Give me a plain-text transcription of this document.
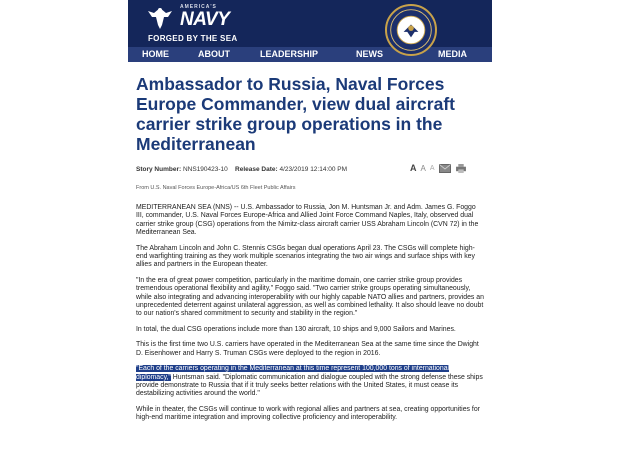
AMERICA'S
NAVY
FORGED BY THE SEA
HOME	ABOUT	LEADERSHIP	NEWS	MEDIA
Ambassador to Russia, Naval Forces Europe Commander, view dual aircraft carrier strike group operations in the Mediterranean
Story Number: NNS190423-10 Release Date: 4/23/2019 12:14:00 PM	A A A
From U.S. Naval Forces Europe-Africa/US 6th Fleet Public Affairs

MEDITERRANEAN SEA (NNS) -- U.S. Ambassador to Russia, Jon M. Huntsman Jr. and Adm. James G. Foggo III, commander, U.S. Naval Forces Europe-Africa and Allied Joint Force Command Naples, Italy, observed dual carrier strike group (CSG) operations from the Nimitz-class aircraft carrier USS Abraham Lincoln (CVN 72) in the Mediterranean Sea.

The Abraham Lincoln and John C. Stennis CSGs began dual operations April 23. The CSGs will complete high-end warfighting training as they work multiple scenarios integrating the two air wings and surface ships with key allies and partners in the European theater.

"In the era of great power competition, particularly in the maritime domain, one carrier strike group provides tremendous operational flexibility and agility," Foggo said. "Two carrier strike groups operating simultaneously, while also integrating and advancing interoperability with our highly capable NATO allies and partners, provides an unprecedented deterrent against unilateral aggression, as well as combined lethality. It also should leave no doubt to our nation's shared commitment to security and stability in the region."

In total, the dual CSG operations include more than 130 aircraft, 10 ships and 9,000 Sailors and Marines.

This is the first time two U.S. carriers have operated in the Mediterranean Sea at the same time since the Dwight D. Eisenhower and Harry S. Truman CSGs were deployed to the region in 2016.

"Each of the carriers operating in the Mediterranean at this time represent 100,000 tons of international diplomacy," Huntsman said. "Diplomatic communication and dialogue coupled with the strong defense these ships provide demonstrate to Russia that if it truly seeks better relations with the United States, it must cease its destabilizing activities around the world."

While in theater, the CSGs will continue to work with regional allies and partners at sea, creating opportunities for high-end maritime integration and improving collective proficiency and interoperability.
